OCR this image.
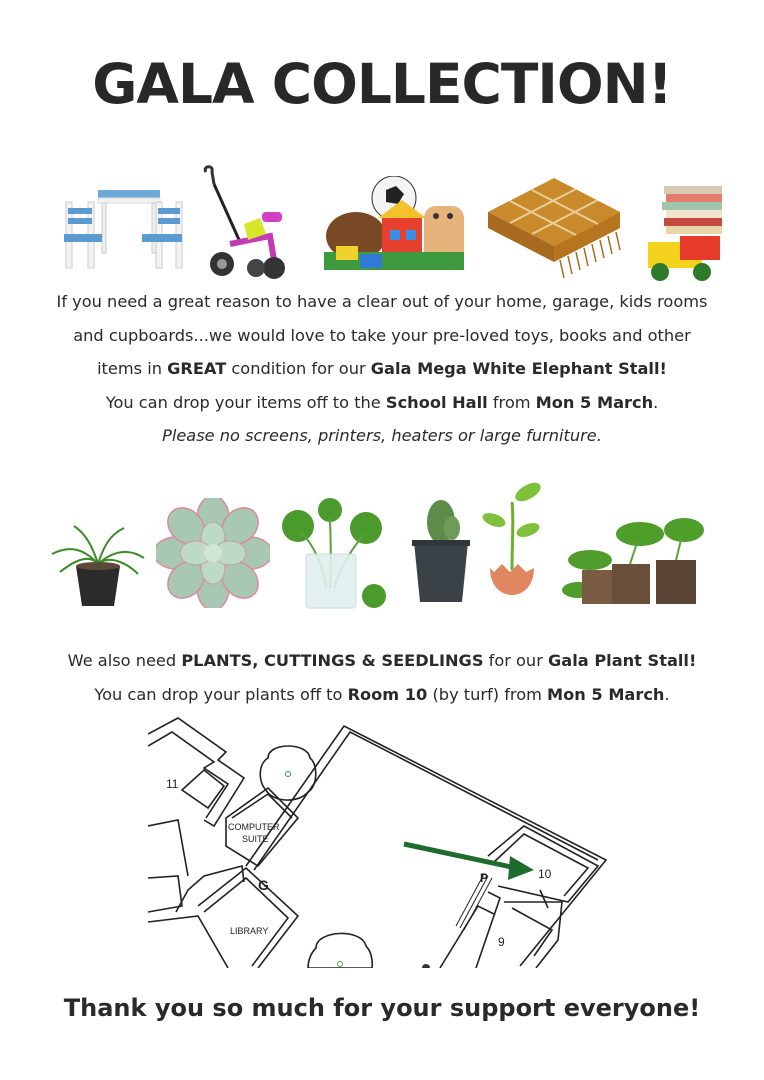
GALA COLLECTION!
If you need a great reason to have a clear out of your home, garage, kids rooms
and cupboards...we would love to take your pre-loved toys, books and other
items in GREAT condition for our Gala Mega White Elephant Stall!
You can drop your items off to the School Hall from Mon 5 March.
Please no screens, printers, heaters or large furniture.
We also need PLANTS, CUTTINGS & SEEDLINGS for our Gala Plant Stall!
You can drop your plants off to Room 10 (by turf) from Mon 5 March.
11
COMPUTER
SUITE
LIBRARY
G	P	10
9
Thank you so much for your support everyone!
